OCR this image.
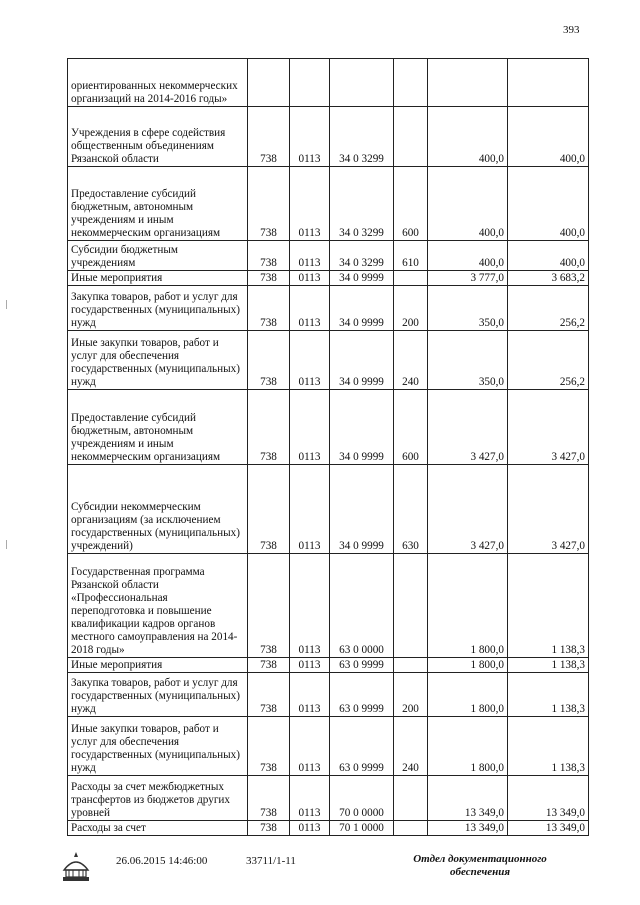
393
ориентированных некоммерческих организаций на 2014-2016 годы»						
Учреждения в сфере содействия общественным объединениям Рязанской области	738	0113	34 0 3299		400,0	400,0
Предоставление субсидий бюджетным, автономным учреждениям и иным некоммерческим организациям	738	0113	34 0 3299	600	400,0	400,0
Субсидии бюджетным учреждениям	738	0113	34 0 3299	610	400,0	400,0
Иные мероприятия	738	0113	34 0 9999		3 777,0	3 683,2
Закупка товаров, работ и услуг для государственных (муниципальных) нужд	738	0113	34 0 9999	200	350,0	256,2
Иные закупки товаров, работ и услуг для обеспечения государственных (муниципальных) нужд	738	0113	34 0 9999	240	350,0	256,2
Предоставление субсидий бюджетным, автономным учреждениям и иным некоммерческим организациям	738	0113	34 0 9999	600	3 427,0	3 427,0
Субсидии некоммерческим организациям (за исключением государственных (муниципальных) учреждений)	738	0113	34 0 9999	630	3 427,0	3 427,0
Государственная программа Рязанской области «Профессиональная переподготовка и повышение квалификации кадров органов местного самоуправления на 2014-2018 годы»	738	0113	63 0 0000		1 800,0	1 138,3
Иные мероприятия	738	0113	63 0 9999		1 800,0	1 138,3
Закупка товаров, работ и услуг для государственных (муниципальных) нужд	738	0113	63 0 9999	200	1 800,0	1 138,3
Иные закупки товаров, работ и услуг для обеспечения государственных (муниципальных) нужд	738	0113	63 0 9999	240	1 800,0	1 138,3
Расходы за счет межбюджетных трансфертов из бюджетов других уровней	738	0113	70 0 0000		13 349,0	13 349,0
Расходы за счет	738	0113	70 1 0000		13 349,0	13 349,0
26.06.2015 14:46:00	33711/1-11	Отдел документационного
обеспечения
